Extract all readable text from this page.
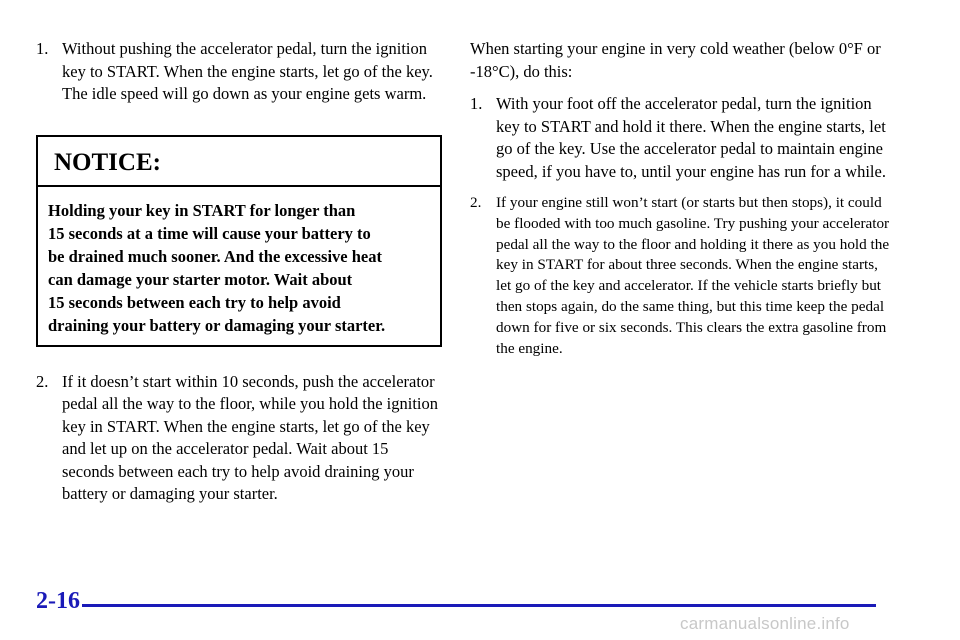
1. Without pushing the accelerator pedal, turn the ignition key to START. When the engine starts, let go of the key. The idle speed will go down as your engine gets warm.
NOTICE:
Holding your key in START for longer than
15 seconds at a time will cause your battery to
be drained much sooner. And the excessive heat
can damage your starter motor. Wait about
15 seconds between each try to help avoid
draining your battery or damaging your starter.
2. If it doesn’t start within 10 seconds, push the accelerator pedal all the way to the floor, while you hold the ignition key in START. When the engine starts, let go of the key and let up on the accelerator pedal. Wait about 15 seconds between each try to help avoid draining your battery or damaging your starter.

When starting your engine in very cold weather (below 0°F or -18°C), do this:

1. With your foot off the accelerator pedal, turn the ignition key to START and hold it there. When the engine starts, let go of the key. Use the accelerator pedal to maintain engine speed, if you have to, until your engine has run for a while.
2. If your engine still won’t start (or starts but then stops), it could be flooded with too much gasoline. Try pushing your accelerator pedal all the way to the floor and holding it there as you hold the key in START for about three seconds. When the engine starts, let go of the key and accelerator. If the vehicle starts briefly but then stops again, do the same thing, but this time keep the pedal down for five or six seconds. This clears the extra gasoline from the engine.
2-16
carmanualsonline.info
